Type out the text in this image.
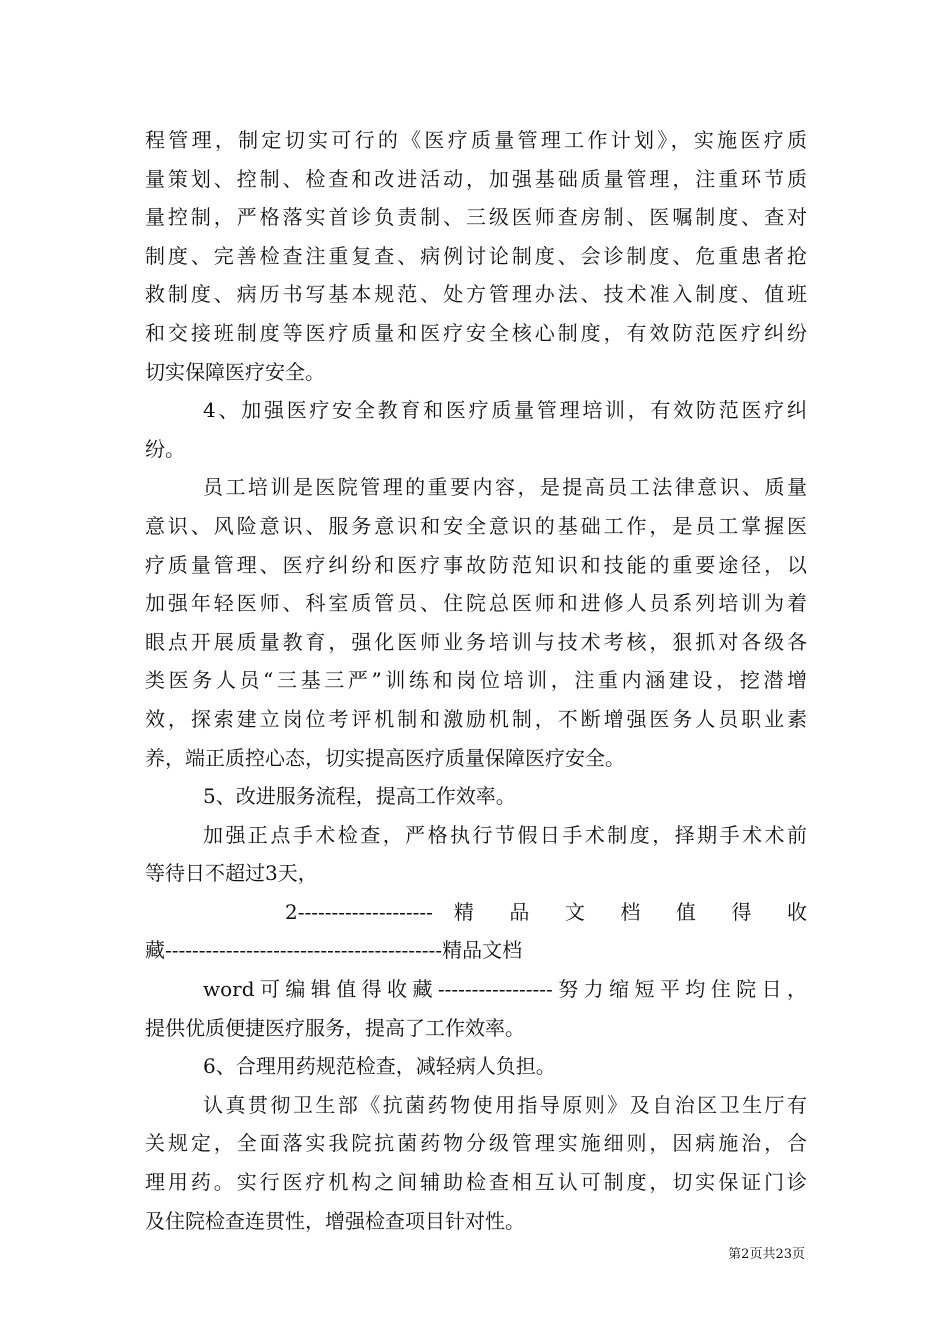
程管理，制定切实可行的《医疗质量管理工作计划》，实施医疗质
量策划、控制、检查和改进活动，加强基础质量管理，注重环节质
量控制，严格落实首诊负责制、三级医师查房制、医嘱制度、查对
制度、完善检查注重复查、病例讨论制度、会诊制度、危重患者抢
救制度、病历书写基本规范、处方管理办法、技术准入制度、值班
和交接班制度等医疗质量和医疗安全核心制度，有效防范医疗纠纷
切实保障医疗安全。
4、加强医疗安全教育和医疗质量管理培训，有效防范医疗纠
纷。
员工培训是医院管理的重要内容，是提高员工法律意识、质量
意识、风险意识、服务意识和安全意识的基础工作，是员工掌握医
疗质量管理、医疗纠纷和医疗事故防范知识和技能的重要途径，以
加强年轻医师、科室质管员、住院总医师和进修人员系列培训为着
眼点开展质量教育，强化医师业务培训与技术考核，狠抓对各级各
类医务人员“三基三严”训练和岗位培训，注重内涵建设，挖潜增
效，探索建立岗位考评机制和激励机制，不断增强医务人员职业素
养，端正质控心态，切实提高医疗质量保障医疗安全。
5、改进服务流程，提高工作效率。
加强正点手术检查，严格执行节假日手术制度，择期手术术前
等待日不超过3天，
2-------------------- 精 品 文 档 值 得 收
藏-----------------------------------------精品文档
word可编辑值得收藏-----------------努力缩短平均住院日，
提供优质便捷医疗服务，提高了工作效率。
6、合理用药规范检查，减轻病人负担。
认真贯彻卫生部《抗菌药物使用指导原则》及自治区卫生厅有
关规定，全面落实我院抗菌药物分级管理实施细则，因病施治，合
理用药。实行医疗机构之间辅助检查相互认可制度，切实保证门诊
及住院检查连贯性，增强检查项目针对性。
第2页共23页
